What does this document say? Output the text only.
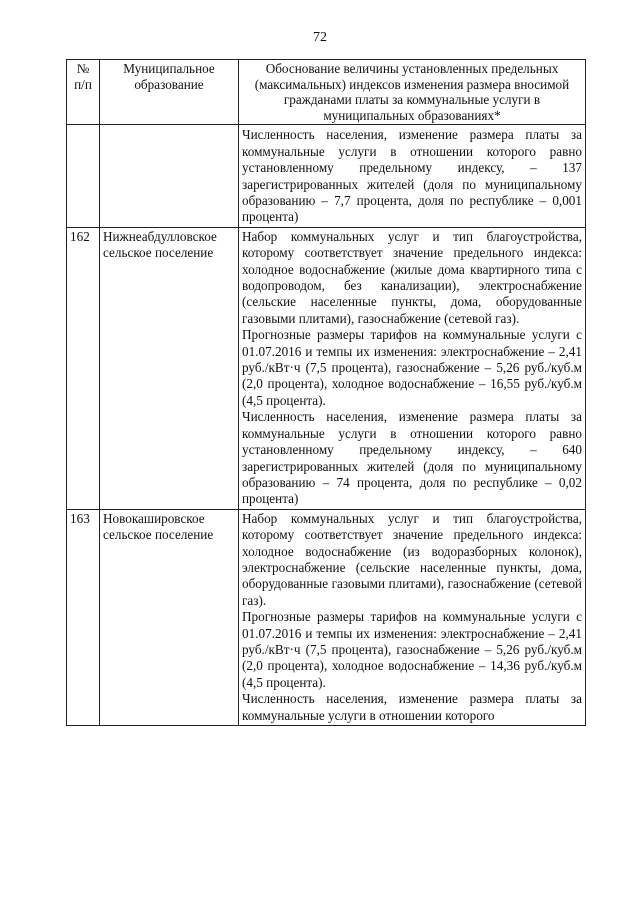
72
№ п/п	Муниципальное образование	Обоснование величины установленных предельных (максимальных) индексов изменения размера вносимой гражданами платы за коммунальные услуги в муниципальных образованиях*

		Численность населения, изменение размера платы за коммунальные услуги в отношении которого равно установленному предельному индексу, – 137 зарегистрированных жителей (доля по муниципальному образованию – 7,7 процента, доля по республике – 0,001 процента)

162	Нижнеабдулловское сельское поселение	Набор коммунальных услуг и тип благоустройства, которому соответствует значение предельного индекса: холодное водоснабжение (жилые дома квартирного типа с водопроводом, без канализации), электроснабжение (сельские населенные пункты, дома, оборудованные газовыми плитами), газоснабжение (сетевой газ).

Прогнозные размеры тарифов на коммунальные услуги с 01.07.2016 и темпы их изменения: электроснабжение – 2,41 руб./кВт·ч (7,5 процента), газоснабжение – 5,26 руб./куб.м (2,0 процента), холодное водоснабжение – 16,55 руб./куб.м (4,5 процента).

Численность населения, изменение размера платы за коммунальные услуги в отношении которого равно установленному предельному индексу, – 640 зарегистрированных жителей (доля по муниципальному образованию – 74 процента, доля по республике – 0,02 процента)

163	Новокашировское сельское поселение	Набор коммунальных услуг и тип благоустройства, которому соответствует значение предельного индекса: холодное водоснабжение (из водоразборных колонок), электроснабжение (сельские населенные пункты, дома, оборудованные газовыми плитами), газоснабжение (сетевой газ).

Прогнозные размеры тарифов на коммунальные услуги с 01.07.2016 и темпы их изменения: электроснабжение – 2,41 руб./кВт·ч (7,5 процента), газоснабжение – 5,26 руб./куб.м (2,0 процента), холодное водоснабжение – 14,36 руб./куб.м (4,5 процента).

Численность населения, изменение размера платы за коммунальные услуги в отношении которого
